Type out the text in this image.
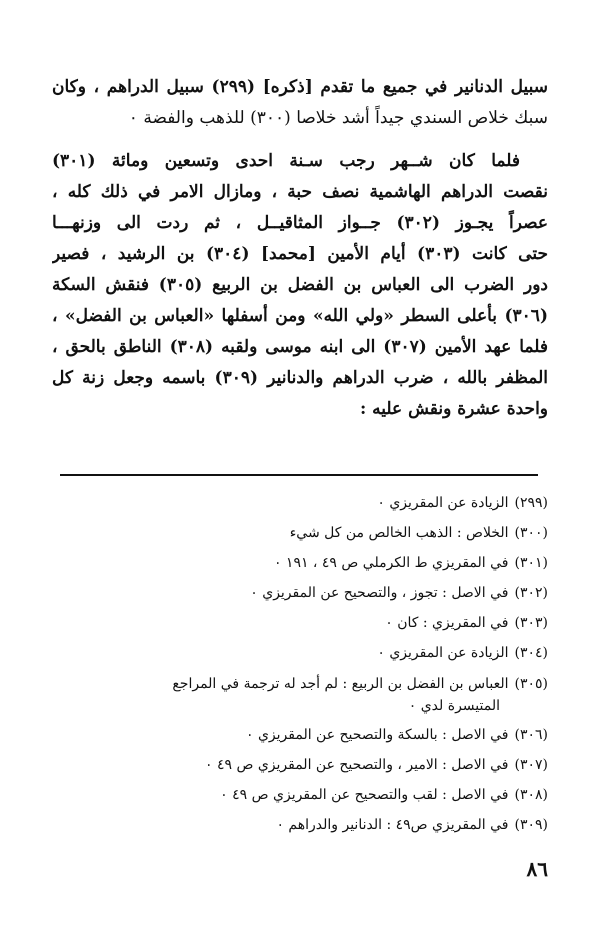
سبيل الدنانير في جميع ما تقدم [ذكره] (٢٩٩) سبيل الدراهم ، وكان
سبك خلاص السندي جيداً أشد خلاصا (٣٠٠) للذهب والفضة ٠
فلما كان شــهر رجب سـنة احدى وتسعين ومائة (٣٠١)
نقصت الدراهم الهاشمية نصف حبة ، ومازال الامر في ذلك كله ،
عصراً يجـوز (٣٠٢) جــواز المثاقيــل ، ثم ردت الى وزنهـــا
حتى كانت (٣٠٣) أيام الأمين [محمد] (٣٠٤) بن الرشيد ، فصير
دور الضرب الى العباس بن الفضل بن الربيع (٣٠٥) فنقش السكة
(٣٠٦) بأعلى السطر «ولي الله» ومن أسفلها «العباس بن الفضل» ،
فلما عهد الأمين (٣٠٧) الى ابنه موسى ولقبه (٣٠٨) الناطق بالحق ،
المظفر بالله ، ضرب الدراهم والدنانير (٣٠٩) باسمه وجعل زنة كل
واحدة عشرة ونقش عليه :
(٢٩٩)الزيادة عن المقريزي ٠
(٣٠٠)الخلاص : الذهب الخالص من كل شيء
(٣٠١)في المقريزي ط الكرملي ص ٤٩ ، ١٩١ ٠
(٣٠٢)في الاصل : تجوز ، والتصحيح عن المقريزي ٠
(٣٠٣)في المقريزي : كان ٠
(٣٠٤)الزيادة عن المقريزي ٠
(٣٠٥)العباس بن الفضل بن الربيع : لم أجد له ترجمة في المراجع
المتيسرة لدي ٠
(٣٠٦)في الاصل : بالسكة والتصحيح عن المقريزي ٠
(٣٠٧)في الاصل : الامير ، والتصحيح عن المقريزي ص ٤٩ ٠
(٣٠٨)في الاصل : لقب والتصحيح عن المقريزي ص ٤٩ ٠
(٣٠٩)في المقريزي ص٤٩ : الدنانير والدراهم ٠
٨٦
